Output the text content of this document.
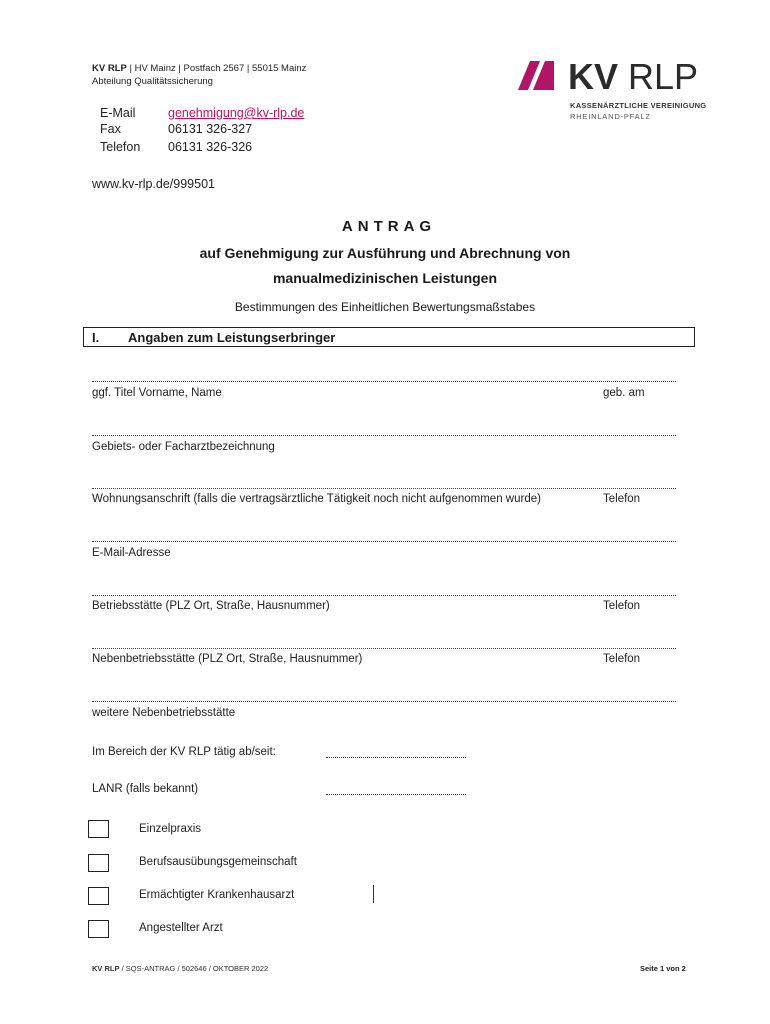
KV RLP | HV Mainz | Postfach 2567 | 55015 Mainz
Abteilung Qualitätssicherung
E-Mail	genehmigung@kv-rlp.de
Fax	06131 326-327
Telefon 06131 326-326
www.kv-rlp.de/999501
KV RLP
KASSENÄRZTLICHE VEREINIGUNG
RHEINLAND-PFALZ
ANTRAG
auf Genehmigung zur Ausführung und Abrechnung von
manualmedizinischen Leistungen
Bestimmungen des Einheitlichen Bewertungsmaßstabes
I. Angaben zum Leistungserbringer
ggf. Titel Vorname, Name	geb. am
Gebiets- oder Facharztbezeichnung
Wohnungsanschrift (falls die vertragsärztliche Tätigkeit noch nicht aufgenommen wurde)	Telefon
E-Mail-Adresse
Betriebsstätte (PLZ Ort, Straße, Hausnummer)	Telefon
Nebenbetriebsstätte (PLZ Ort, Straße, Hausnummer)	Telefon
weitere Nebenbetriebsstätte
Im Bereich der KV RLP tätig ab/seit:
LANR (falls bekannt)
Einzelpraxis
Berufsausübungsgemeinschaft
Ermächtigter Krankenhausarzt
Angestellter Arzt
KV RLP / SQS-ANTRAG / 502646 / OKTOBER 2022	Seite 1 von 2
